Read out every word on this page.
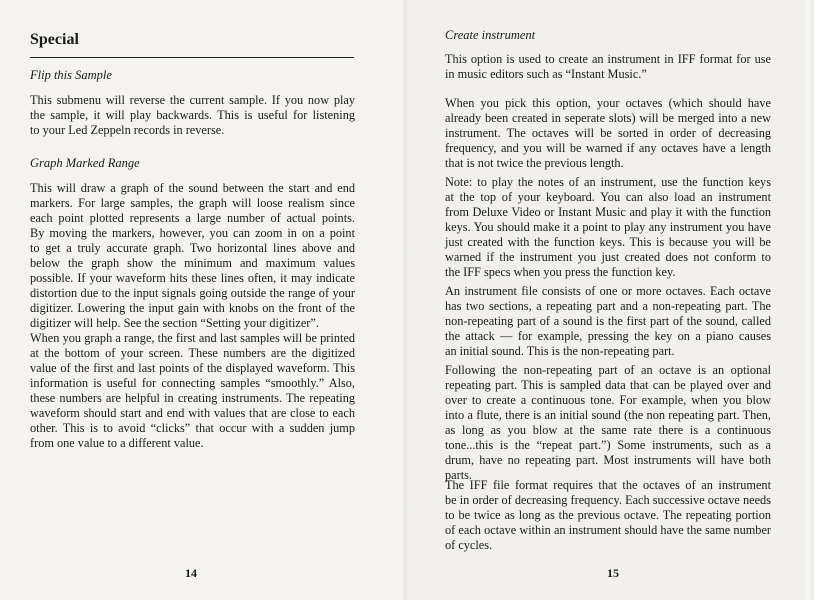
Special
Flip this Sample
This submenu will reverse the current sample. If you now play
the sample, it will play backwards. This is useful for listening
to your Led Zeppeln records in reverse.
Graph Marked Range
This will draw a graph of the sound between the start and end
markers. For large samples, the graph will loose realism since
each point plotted represents a large number of actual points.
By moving the markers, however, you can zoom in on a point
to get a truly accurate graph. Two horizontal lines above and
below the graph show the minimum and maximum values
possible. If your waveform hits these lines often, it may indicate
distortion due to the input signals going outside the range of your
digitizer. Lowering the input gain with knobs on the front of the
digitizer will help. See the section “Setting your digitizer”.
When you graph a range, the first and last samples will be printed
at the bottom of your screen. These numbers are the digitized
value of the first and last points of the displayed waveform. This
information is useful for connecting samples “smoothly.” Also,
these numbers are helpful in creating instruments. The repeating
waveform should start and end with values that are close to each
other. This is to avoid “clicks” that occur with a sudden jump
from one value to a different value.
14
Create instrument
This option is used to create an instrument in IFF format for use
in music editors such as “Instant Music.”
When you pick this option, your octaves (which should have
already been created in seperate slots) will be merged into a new
instrument. The octaves will be sorted in order of decreasing
frequency, and you will be warned if any octaves have a length
that is not twice the previous length.
Note: to play the notes of an instrument, use the function keys
at the top of your keyboard. You can also load an instrument
from Deluxe Video or Instant Music and play it with the function
keys. You should make it a point to play any instrument you have
just created with the function keys. This is because you will be
warned if the instrument you just created does not conform to
the IFF specs when you press the function key.
An instrument file consists of one or more octaves. Each octave
has two sections, a repeating part and a non-repeating part. The
non-repeating part of a sound is the first part of the sound, called
the attack — for example, pressing the key on a piano causes
an initial sound. This is the non-repeating part.
Following the non-repeating part of an octave is an optional
repeating part. This is sampled data that can be played over and
over to create a continuous tone. For example, when you blow
into a flute, there is an initial sound (the non repeating part. Then,
as long as you blow at the same rate there is a continuous
tone...this is the “repeat part.”) Some instruments, such as a
drum, have no repeating part. Most instruments will have both
parts.
The IFF file format requires that the octaves of an instrument
be in order of decreasing frequency. Each successive octave needs
to be twice as long as the previous octave. The repeating portion
of each octave within an instrument should have the same number
of cycles.
15
